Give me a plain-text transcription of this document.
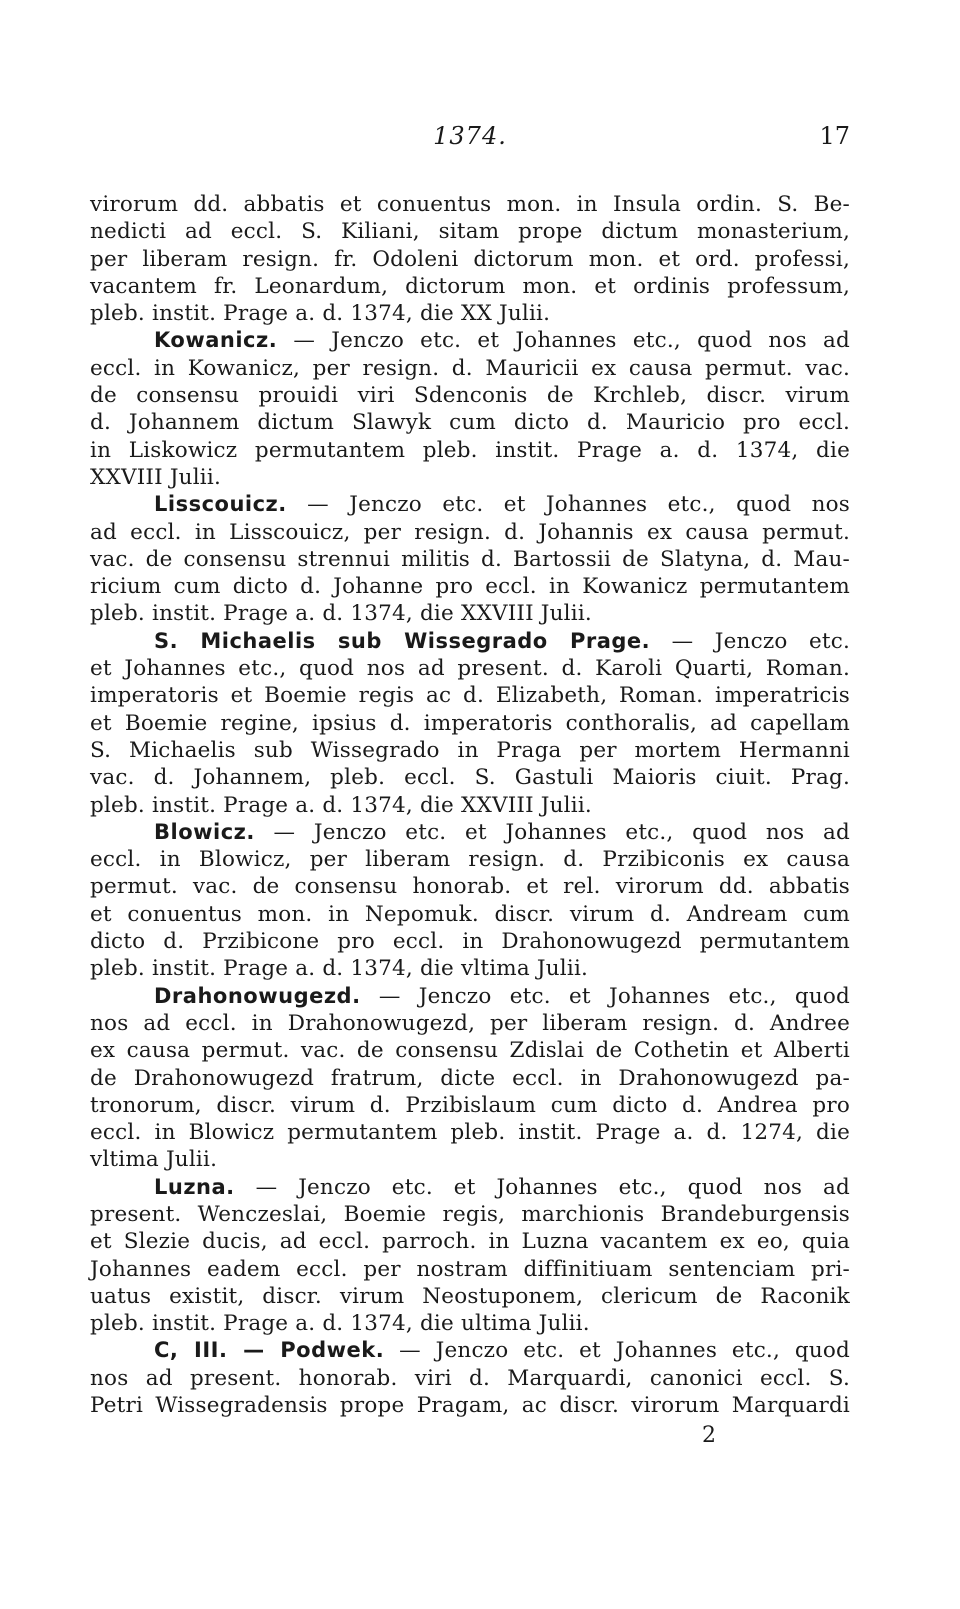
1374.	17
virorum dd. abbatis et conuentus mon. in Insula ordin. S. Be-
nedicti ad eccl. S. Kiliani, sitam prope dictum monasterium,
per liberam resign. fr. Odoleni dictorum mon. et ord. professi,
vacantem fr. Leonardum, dictorum mon. et ordinis professum,
pleb. instit. Prage a. d. 1374, die XX Julii.
Kowanicz. — Jenczo etc. et Johannes etc., quod nos ad
eccl. in Kowanicz, per resign. d. Mauricii ex causa permut. vac.
de consensu prouidi viri Sdenconis de Krchleb, discr. virum
d. Johannem dictum Slawyk cum dicto d. Mauricio pro eccl.
in Liskowicz permutantem pleb. instit. Prage a. d. 1374, die
XXVIII Julii.
Lisscouicz. — Jenczo etc. et Johannes etc., quod nos
ad eccl. in Lisscouicz, per resign. d. Johannis ex causa permut.
vac. de consensu strennui militis d. Bartossii de Slatyna, d. Mau-
ricium cum dicto d. Johanne pro eccl. in Kowanicz permutantem
pleb. instit. Prage a. d. 1374, die XXVIII Julii.
S. Michaelis sub Wissegrado Prage. — Jenczo etc.
et Johannes etc., quod nos ad present. d. Karoli Quarti, Roman.
imperatoris et Boemie regis ac d. Elizabeth, Roman. imperatricis
et Boemie regine, ipsius d. imperatoris conthoralis, ad capellam
S. Michaelis sub Wissegrado in Praga per mortem Hermanni
vac. d. Johannem, pleb. eccl. S. Gastuli Maioris ciuit. Prag.
pleb. instit. Prage a. d. 1374, die XXVIII Julii.
Blowicz. — Jenczo etc. et Johannes etc., quod nos ad
eccl. in Blowicz, per liberam resign. d. Przibiconis ex causa
permut. vac. de consensu honorab. et rel. virorum dd. abbatis
et conuentus mon. in Nepomuk. discr. virum d. Andream cum
dicto d. Przibicone pro eccl. in Drahonowugezd permutantem
pleb. instit. Prage a. d. 1374, die vltima Julii.
Drahonowugezd. — Jenczo etc. et Johannes etc., quod
nos ad eccl. in Drahonowugezd, per liberam resign. d. Andree
ex causa permut. vac. de consensu Zdislai de Cothetin et Alberti
de Drahonowugezd fratrum, dicte eccl. in Drahonowugezd pa-
tronorum, discr. virum d. Przibislaum cum dicto d. Andrea pro
eccl. in Blowicz permutantem pleb. instit. Prage a. d. 1274, die
vltima Julii.
Luzna. — Jenczo etc. et Johannes etc., quod nos ad
present. Wenczeslai, Boemie regis, marchionis Brandeburgensis
et Slezie ducis, ad eccl. parroch. in Luzna vacantem ex eo, quia
Johannes eadem eccl. per nostram diffinitiuam sentenciam pri-
uatus existit, discr. virum Neostuponem, clericum de Raconik
pleb. instit. Prage a. d. 1374, die ultima Julii.
C, III. — Podwek. — Jenczo etc. et Johannes etc., quod
nos ad present. honorab. viri d. Marquardi, canonici eccl. S.
Petri Wissegradensis prope Pragam, ac discr. virorum Marquardi
2
